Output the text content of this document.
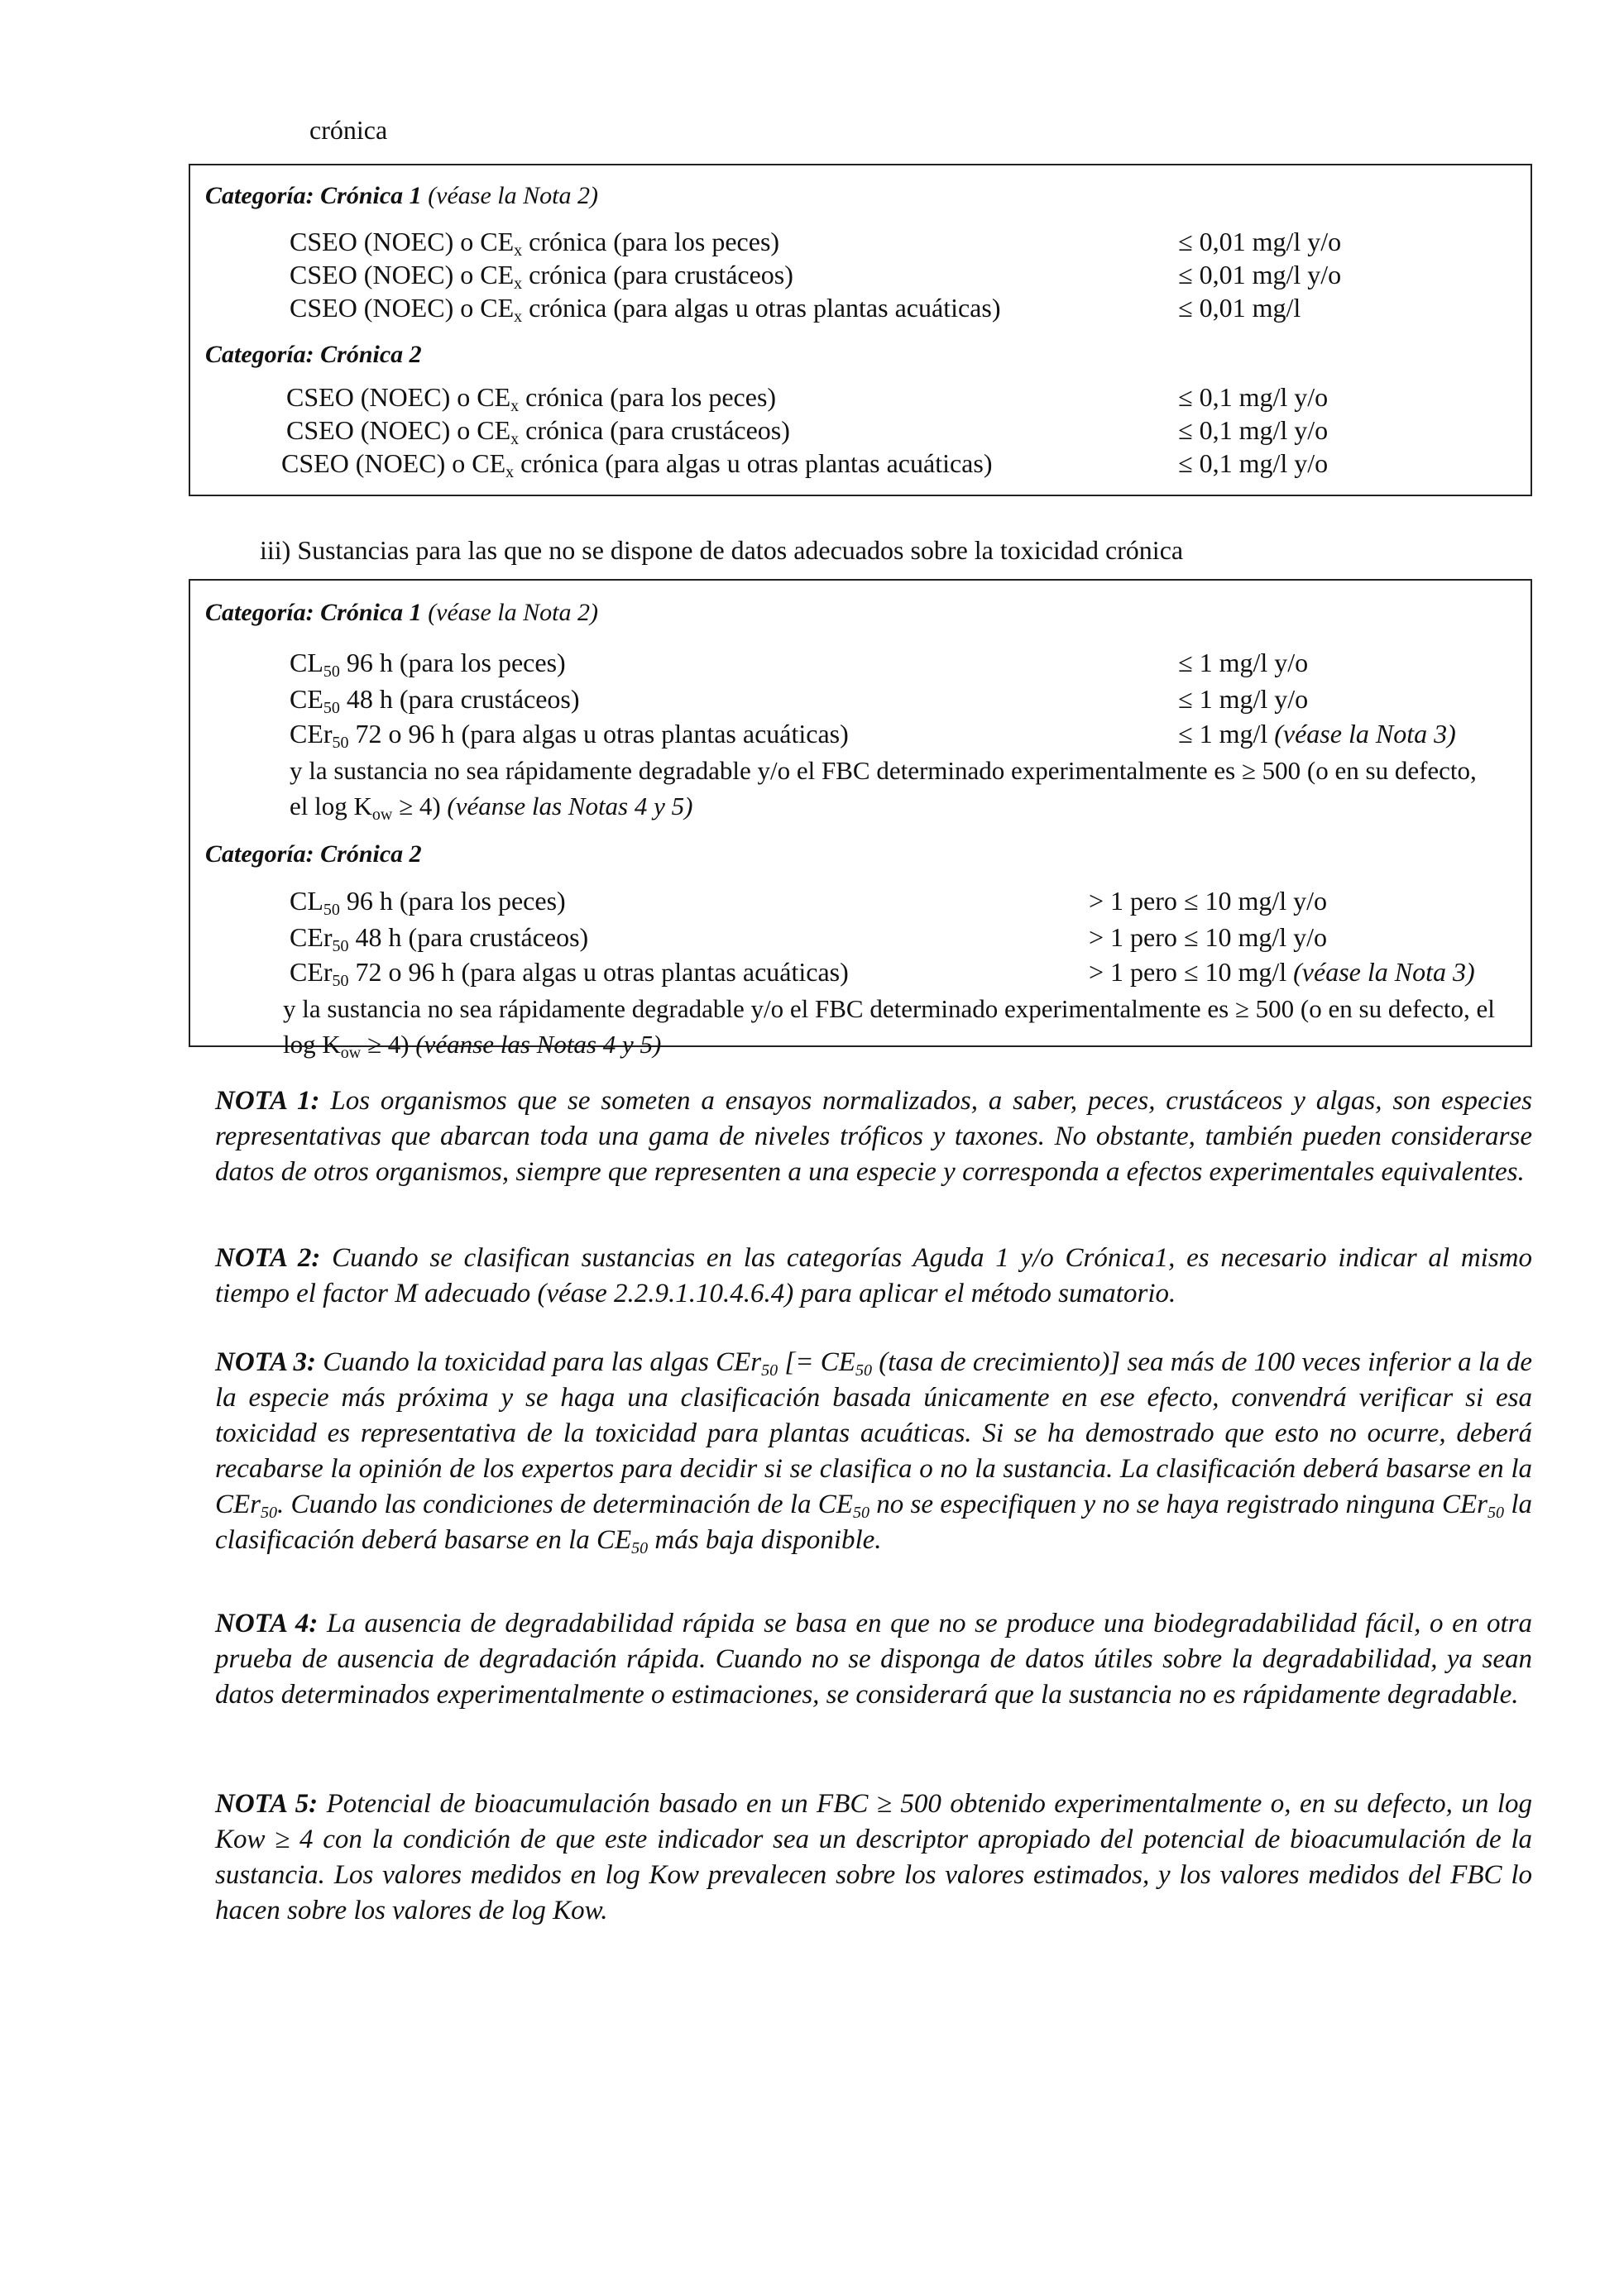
crónica
Categoría: Crónica 1 (véase la Nota 2)
CSEO (NOEC) o $CE_x$ crónica (para los peces)	≤ 0,01 mg/l y/o
CSEO (NOEC) o $CE_x$ crónica (para crustáceos)	≤ 0,01 mg/l y/o
CSEO (NOEC) o $CE_x$ crónica (para algas u otras plantas acuáticas)	≤ 0,01 mg/l
Categoría: Crónica 2
CSEO (NOEC) o $CE_x$ crónica (para los peces)	≤ 0,1 mg/l y/o
CSEO (NOEC) o $CE_x$ crónica (para crustáceos)	≤ 0,1 mg/l y/o
CSEO (NOEC) o $CE_x$ crónica (para algas u otras plantas acuáticas)	≤ 0,1 mg/l y/o
iii) Sustancias para las que no se dispone de datos adecuados sobre la toxicidad crónica
Categoría: Crónica 1 (véase la Nota 2)
$CL_{50}$ 96 h (para los peces)	≤ 1 mg/l y/o
$CE_{50}$ 48 h (para crustáceos)	≤ 1 mg/l y/o
CEr$_{50}$ 72 o 96 h (para algas u otras plantas acuáticas)	≤ 1 mg/l (véase la Nota 3)
y la sustancia no sea rápidamente degradable y/o el FBC determinado experimentalmente es ≥ 500 (o en su defecto, el $\log K_{ow} \ge 4$) (véanse las Notas 4 y 5)
Categoría: Crónica 2
$CL_{50}$ 96 h (para los peces)	> 1 pero ≤ 10 mg/l y/o
CEr$_{50}$ 48 h (para crustáceos)	> 1 pero ≤ 10 mg/l y/o
CEr$_{50}$ 72 o 96 h (para algas u otras plantas acuáticas)	> 1 pero ≤ 10 mg/l (véase la Nota 3)
y la sustancia no sea rápidamente degradable y/o el FBC determinado experimentalmente es ≥ 500 (o en su defecto, el $\log K_{ow} \ge 4$) (véanse las Notas 4 y 5)
NOTA 1: Los organismos que se someten a ensayos normalizados, a saber, peces, crustáceos y algas, son especies representativas que abarcan toda una gama de niveles tróficos y taxones. No obstante, también pueden considerarse datos de otros organismos, siempre que representen a una especie y corresponda a efectos experimentales equivalentes.
NOTA 2: Cuando se clasifican sustancias en las categorías Aguda 1 y/o Crónica1, es necesario indicar al mismo tiempo el factor M adecuado (véase 2.2.9.1.10.4.6.4) para aplicar el método sumatorio.
NOTA 3: Cuando la toxicidad para las algas CEr$_{50}$ [= $CE_{50}$ (tasa de crecimiento)] sea más de 100 veces inferior a la de la especie más próxima y se haga una clasificación basada únicamente en ese efecto, convendrá verificar si esa toxicidad es representativa de la toxicidad para plantas acuáticas. Si se ha demostrado que esto no ocurre, deberá recabarse la opinión de los expertos para decidir si se clasifica o no la sustancia. La clasificación deberá basarse en la CEr$_{50}$. Cuando las condiciones de determinación de la $CE_{50}$ no se especifiquen y no se haya registrado ninguna CEr$_{50}$ la clasificación deberá basarse en la $CE_{50}$ más baja disponible.
NOTA 4: La ausencia de degradabilidad rápida se basa en que no se produce una biodegradabilidad fácil, o en otra prueba de ausencia de degradación rápida. Cuando no se disponga de datos útiles sobre la degradabilidad, ya sean datos determinados experimentalmente o estimaciones, se considerará que la sustancia no es rápidamente degradable.
NOTA 5: Potencial de bioacumulación basado en un FBC ≥ 500 obtenido experimentalmente o, en su defecto, un log Kow ≥ 4 con la condición de que este indicador sea un descriptor apropiado del potencial de bioacumulación de la sustancia. Los valores medidos en log Kow prevalecen sobre los valores estimados, y los valores medidos del FBC lo hacen sobre los valores de log Kow.
